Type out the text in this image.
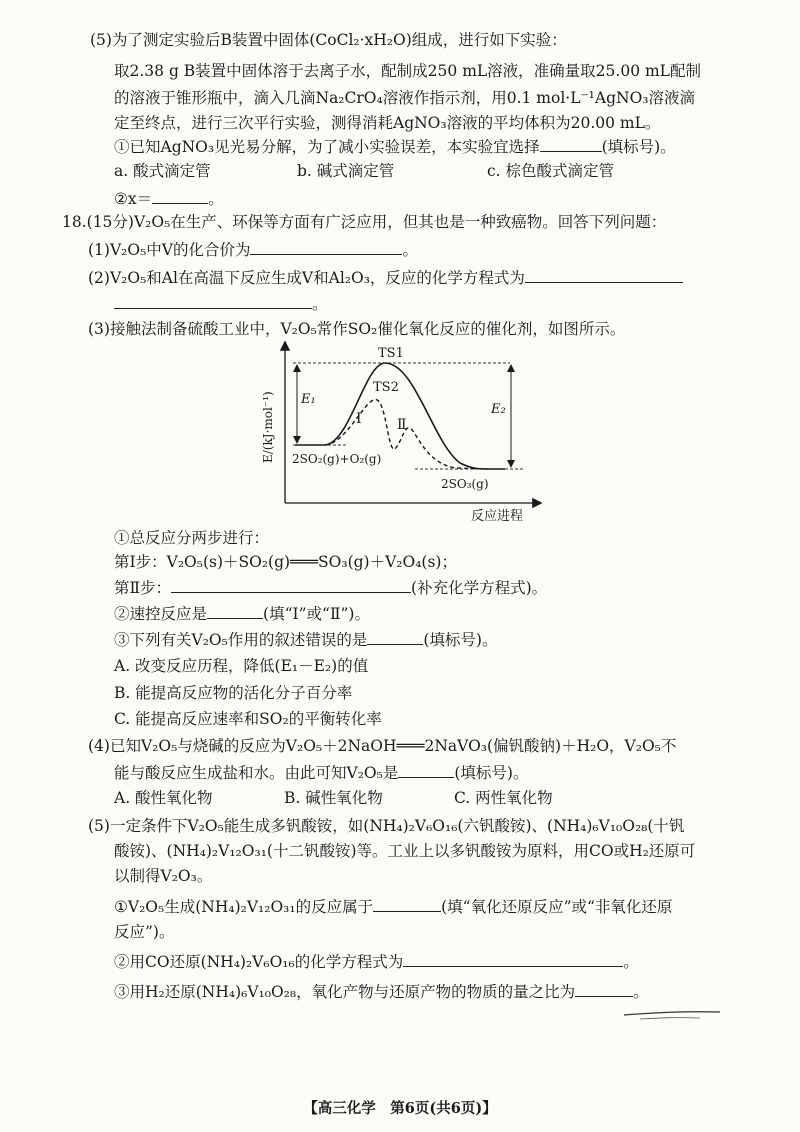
(5)为了测定实验后B装置中固体(CoCl₂·xH₂O)组成，进行如下实验：
取2.38 g B装置中固体溶于去离子水，配制成250 mL溶液，准确量取25.00 mL配制
的溶液于锥形瓶中，滴入几滴Na₂CrO₄溶液作指示剂，用0.1 mol·L⁻¹AgNO₃溶液滴
定至终点，进行三次平行实验，测得消耗AgNO₃溶液的平均体积为20.00 mL。
①已知AgNO₃见光易分解，为了减小实验误差，本实验宜选择	(填标号)。
a. 酸式滴定管	b. 碱式滴定管	c. 棕色酸式滴定管
②x＝	。
18.(15分)V₂O₅在生产、环保等方面有广泛应用，但其也是一种致癌物。回答下列问题：
(1)V₂O₅中V的化合价为	。
(2)V₂O₅和Al在高温下反应生成V和Al₂O₃，反应的化学方程式为
。
(3)接触法制备硫酸工业中，V₂O₅常作SO₂催化氧化反应的催化剂，如图所示。
TS1
TS2
Ⅰ	Ⅱ
E₁
E₂
E/(kJ·mol⁻¹)
反应进程
2SO₂(g)+O₂(g)
2SO₃(g)
①总反应分两步进行：
第Ⅰ步：V₂O₅(s)＋SO₂(g)═══SO₃(g)＋V₂O₄(s)；
第Ⅱ步：	(补充化学方程式)。
②速控反应是	(填“Ⅰ”或“Ⅱ”)。
③下列有关V₂O₅作用的叙述错误的是	(填标号)。
A. 改变反应历程，降低(E₁－E₂)的值
B. 能提高反应物的活化分子百分率
C. 能提高反应速率和SO₂的平衡转化率
(4)已知V₂O₅与烧碱的反应为V₂O₅＋2NaOH═══2NaVO₃(偏钒酸钠)＋H₂O，V₂O₅不
能与酸反应生成盐和水。由此可知V₂O₅是	(填标号)。
A. 酸性氧化物	B. 碱性氧化物	C. 两性氧化物
(5)一定条件下V₂O₅能生成多钒酸铵，如(NH₄)₂V₆O₁₆(六钒酸铵)、(NH₄)₆V₁₀O₂₈(十钒
酸铵)、(NH₄)₂V₁₂O₃₁(十二钒酸铵)等。工业上以多钒酸铵为原料，用CO或H₂还原可
以制得V₂O₃。
①V₂O₅生成(NH₄)₂V₁₂O₃₁的反应属于	(填“氧化还原反应”或“非氧化还原
反应”)。
②用CO还原(NH₄)₂V₆O₁₆的化学方程式为	。
③用H₂还原(NH₄)₆V₁₀O₂₈，氧化产物与还原产物的物质的量之比为	。
【高三化学　第6页(共6页)】
